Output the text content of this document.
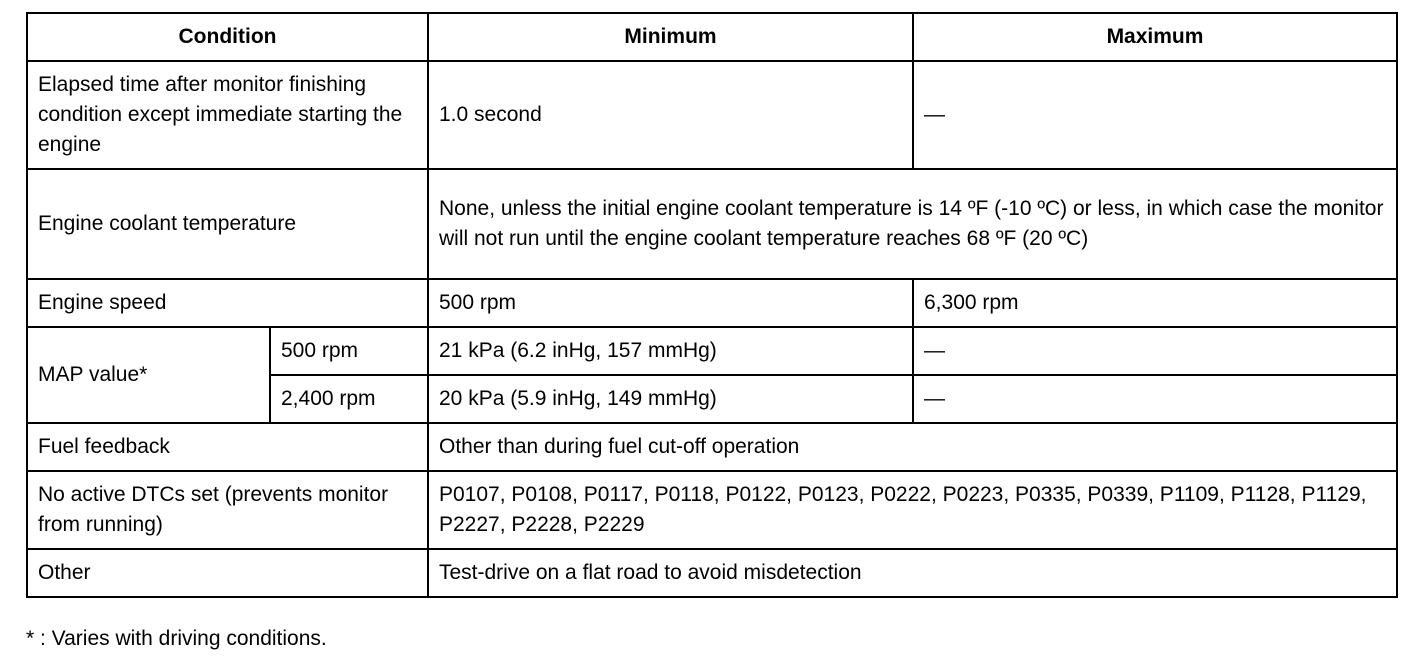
Condition		Minimum	Maximum
Elapsed time after monitor finishing condition except immediate starting the engine		1.0 second	—
Engine coolant temperature		None, unless the initial engine coolant temperature is 14 ºF (-10 ºC) or less, in which case the monitor will not run until the engine coolant temperature reaches 68 ºF (20 ºC)	
Engine speed		500 rpm	6,300 rpm
MAP value*	500 rpm	21 kPa (6.2 inHg, 157 mmHg)	—
	2,400 rpm	20 kPa (5.9 inHg, 149 mmHg)	—
Fuel feedback		Other than during fuel cut-off operation	
No active DTCs set (prevents monitor from running)		P0107, P0108, P0117, P0118, P0122, P0123, P0222, P0223, P0335, P0339, P1109, P1128, P1129, P2227, P2228, P2229	
Other		Test-drive on a flat road to avoid misdetection	
* : Varies with driving conditions.
